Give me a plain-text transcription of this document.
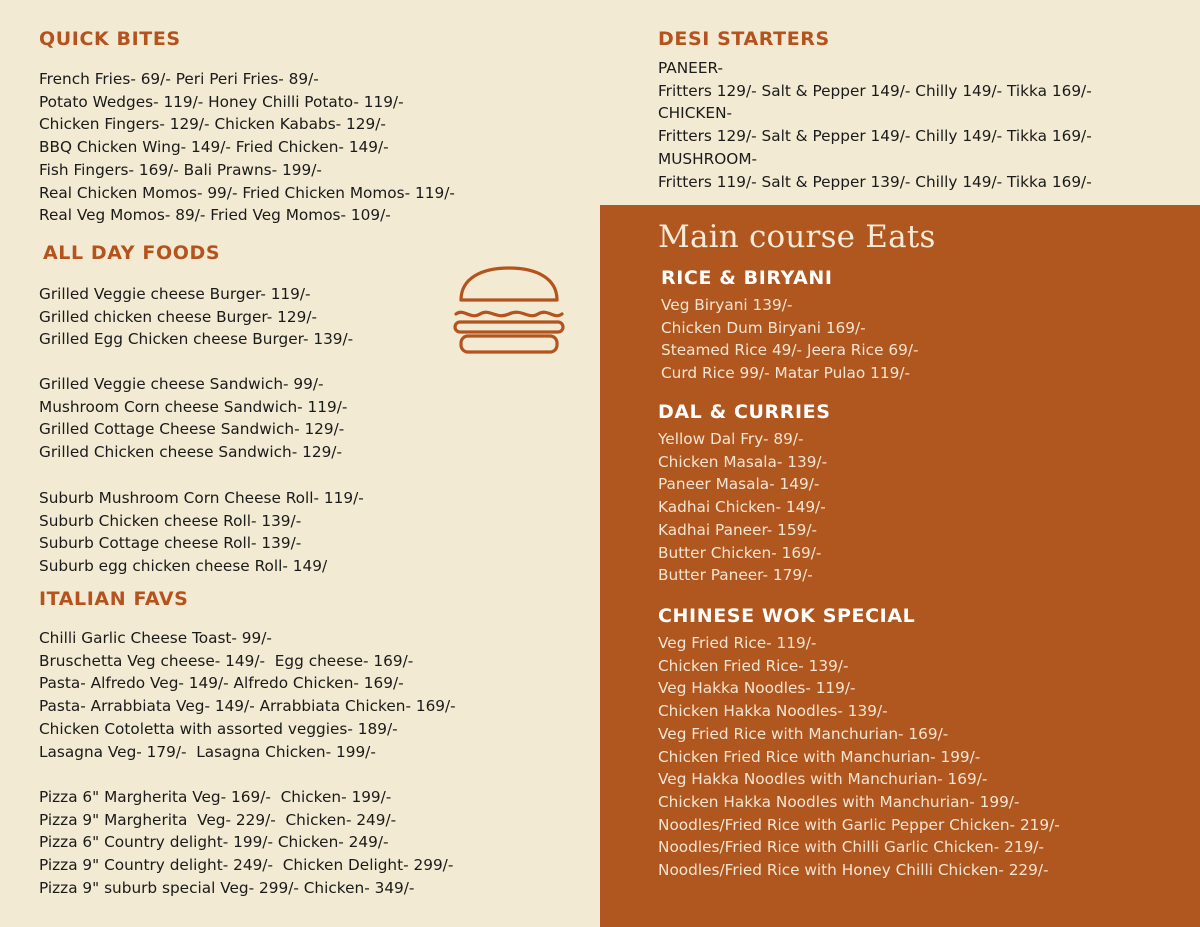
QUICK BITES
French Fries- 69/- Peri Peri Fries- 89/-
Potato Wedges- 119/- Honey Chilli Potato- 119/-
Chicken Fingers- 129/- Chicken Kababs- 129/-
BBQ Chicken Wing- 149/- Fried Chicken- 149/-
Fish Fingers- 169/- Bali Prawns- 199/-
Real Chicken Momos- 99/- Fried Chicken Momos- 119/-
Real Veg Momos- 89/- Fried Veg Momos- 109/-
ALL DAY FOODS
Grilled Veggie cheese Burger- 119/-
Grilled chicken cheese Burger- 129/-
Grilled Egg Chicken cheese Burger- 139/-
Grilled Veggie cheese Sandwich- 99/-
Mushroom Corn cheese Sandwich- 119/-
Grilled Cottage Cheese Sandwich- 129/-
Grilled Chicken cheese Sandwich- 129/-
Suburb Mushroom Corn Cheese Roll- 119/-
Suburb Chicken cheese Roll- 139/-
Suburb Cottage cheese Roll- 139/-
Suburb egg chicken cheese Roll- 149/
ITALIAN FAVS
Chilli Garlic Cheese Toast- 99/-
Bruschetta Veg cheese- 149/-  Egg cheese- 169/-
Pasta- Alfredo Veg- 149/- Alfredo Chicken- 169/-
Pasta- Arrabbiata Veg- 149/- Arrabbiata Chicken- 169/-
Chicken Cotoletta with assorted veggies- 189/-
Lasagna Veg- 179/-  Lasagna Chicken- 199/-
Pizza 6" Margherita Veg- 169/-  Chicken- 199/-
Pizza 9" Margherita  Veg- 229/-  Chicken- 249/-
Pizza 6" Country delight- 199/- Chicken- 249/-
Pizza 9" Country delight- 249/-  Chicken Delight- 299/-
Pizza 9" suburb special Veg- 299/- Chicken- 349/-
DESI STARTERS
PANEER-
Fritters 129/- Salt & Pepper 149/- Chilly 149/- Tikka 169/-
CHICKEN-
Fritters 129/- Salt & Pepper 149/- Chilly 149/- Tikka 169/-
MUSHROOM-
Fritters 119/- Salt & Pepper 139/- Chilly 149/- Tikka 169/-
Main course Eats
RICE & BIRYANI
Veg Biryani 139/-
Chicken Dum Biryani 169/-
Steamed Rice 49/- Jeera Rice 69/-
Curd Rice 99/- Matar Pulao 119/-
DAL & CURRIES
Yellow Dal Fry- 89/-
Chicken Masala- 139/-
Paneer Masala- 149/-
Kadhai Chicken- 149/-
Kadhai Paneer- 159/-
Butter Chicken- 169/-
Butter Paneer- 179/-
CHINESE WOK SPECIAL
Veg Fried Rice- 119/-
Chicken Fried Rice- 139/-
Veg Hakka Noodles- 119/-
Chicken Hakka Noodles- 139/-
Veg Fried Rice with Manchurian- 169/-
Chicken Fried Rice with Manchurian- 199/-
Veg Hakka Noodles with Manchurian- 169/-
Chicken Hakka Noodles with Manchurian- 199/-
Noodles/Fried Rice with Garlic Pepper Chicken- 219/-
Noodles/Fried Rice with Chilli Garlic Chicken- 219/-
Noodles/Fried Rice with Honey Chilli Chicken- 229/-
